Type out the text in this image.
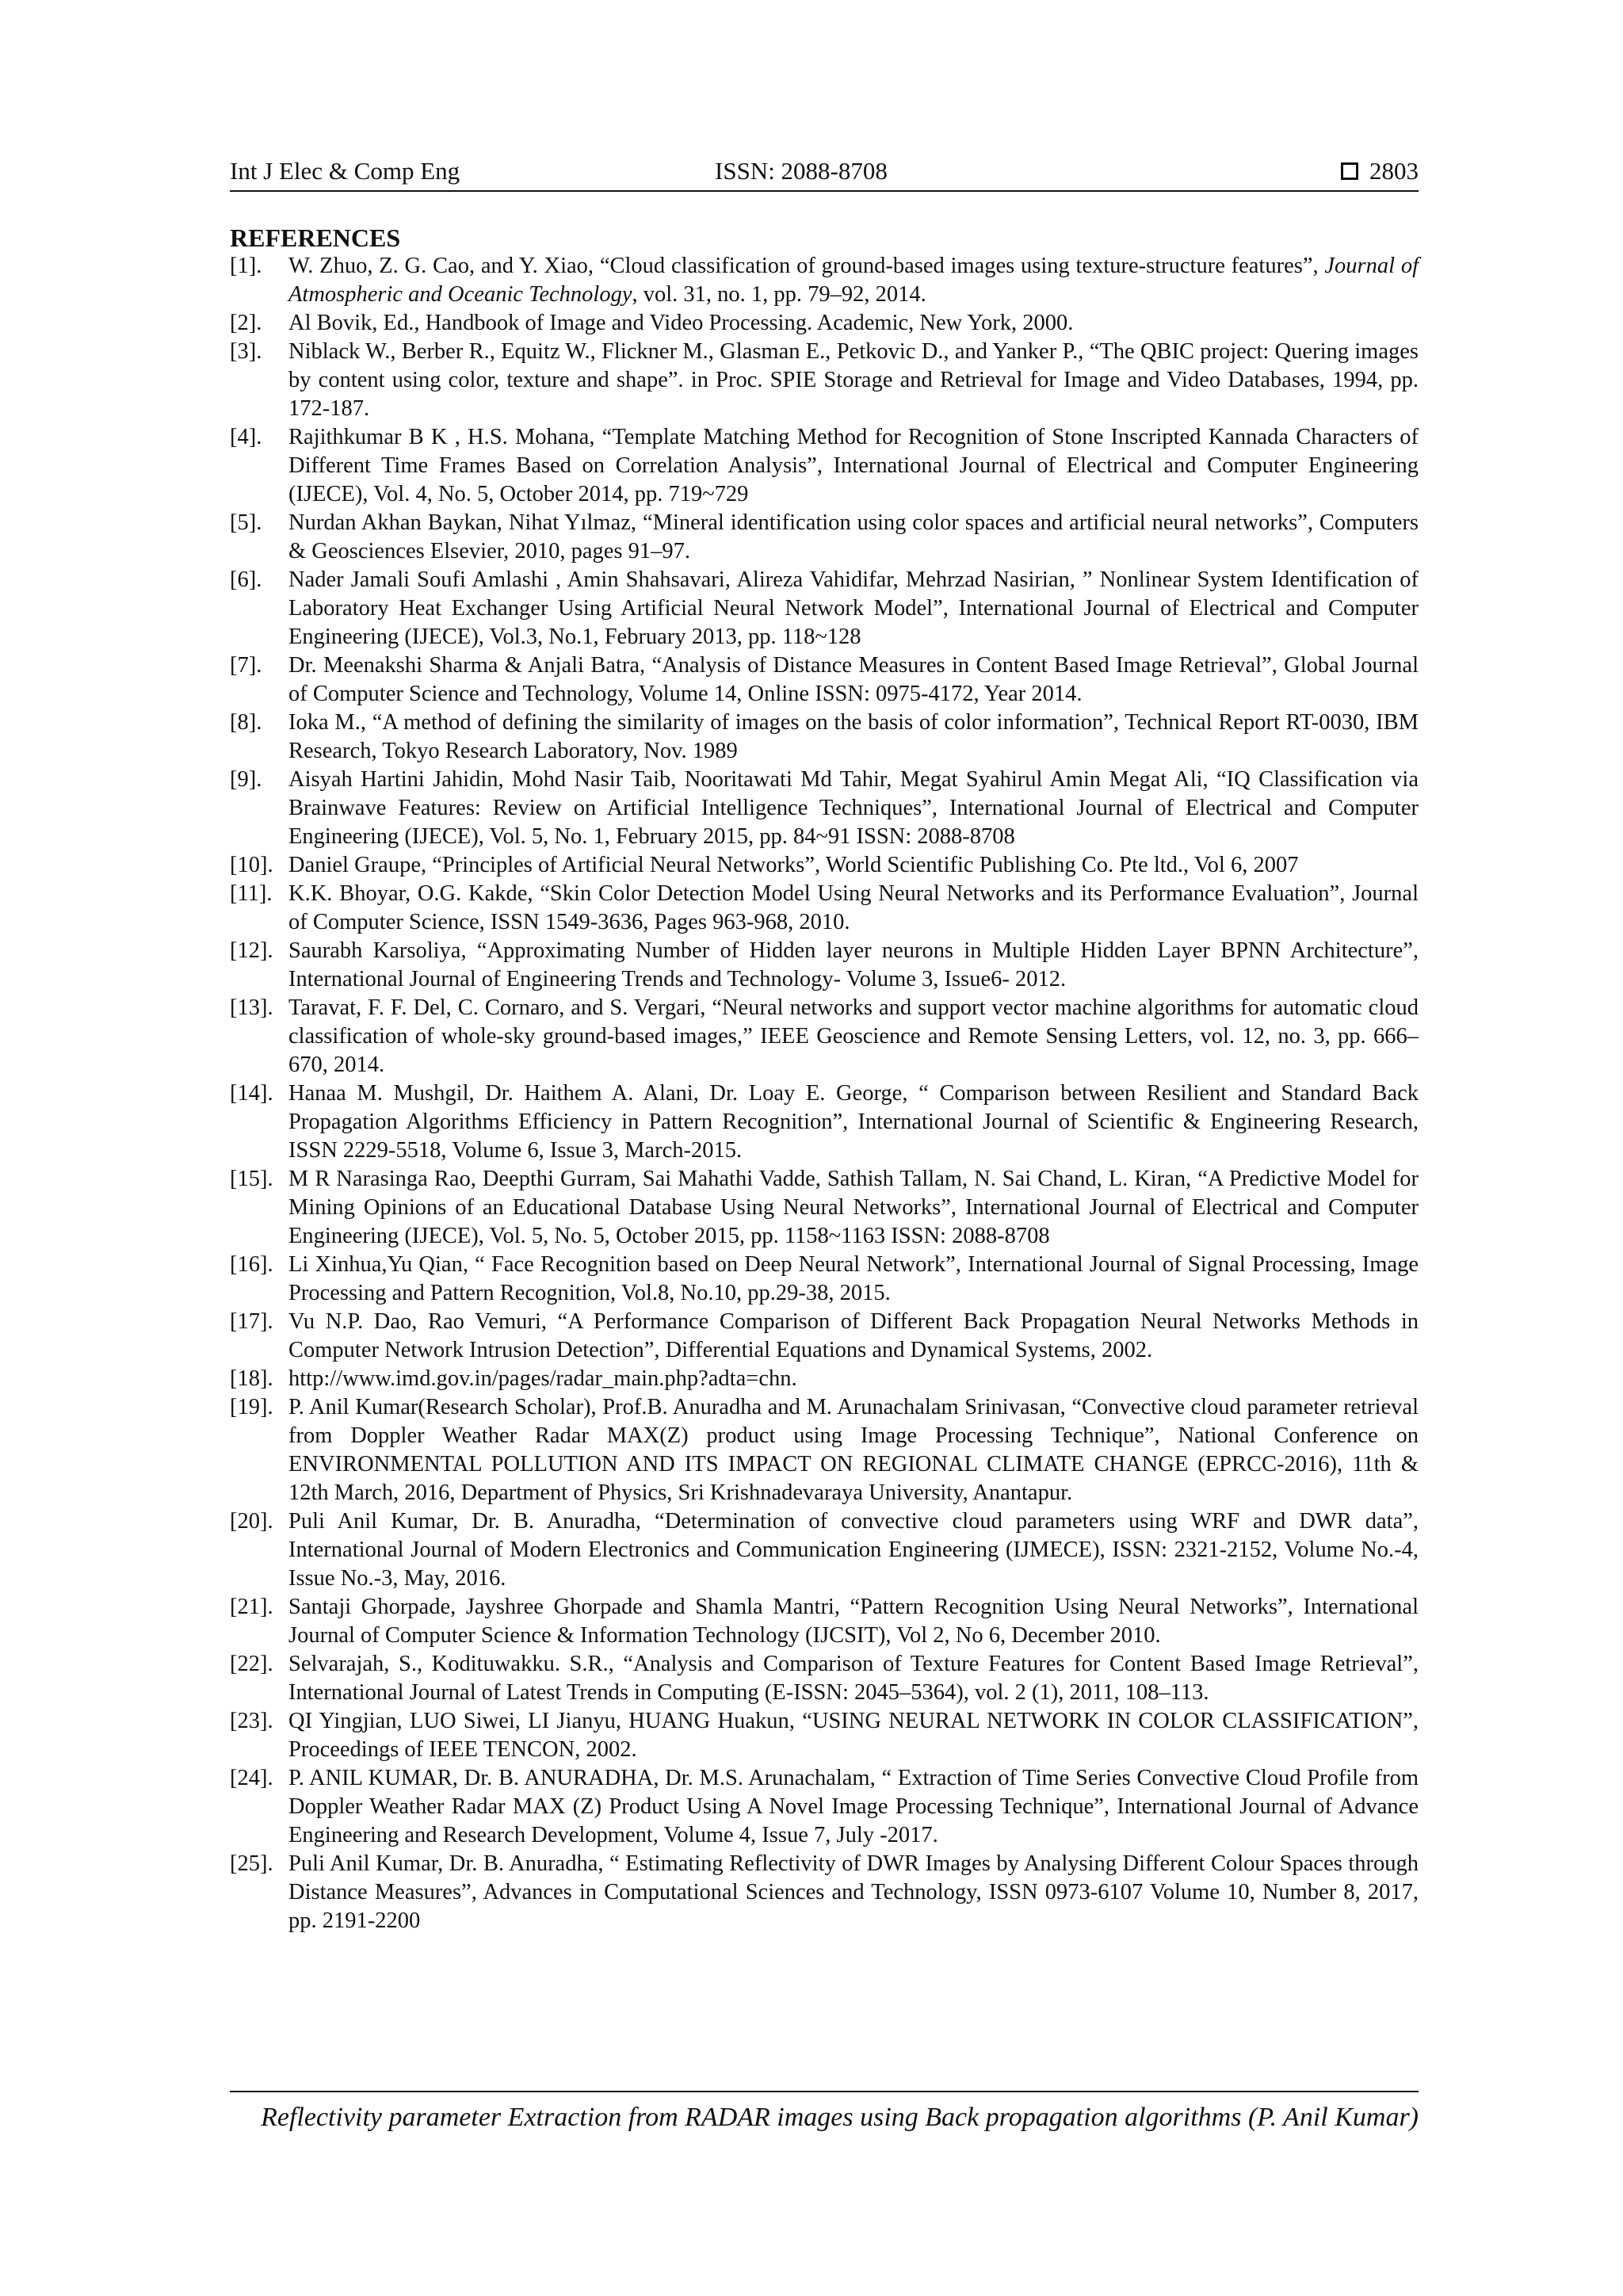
Int J Elec & Comp Eng	ISSN: 2088-8708	2803
REFERENCES
[1].	W. Zhuo, Z. G. Cao, and Y. Xiao, “Cloud classification of ground-based images using texture-structure features”, Journal of Atmospheric and Oceanic Technology, vol. 31, no. 1, pp. 79–92, 2014.
[2].	Al Bovik, Ed., Handbook of Image and Video Processing. Academic, New York, 2000.
[3].	Niblack W., Berber R., Equitz W., Flickner M., Glasman E., Petkovic D., and Yanker P., “The QBIC project: Quering images by content using color, texture and shape”. in Proc. SPIE Storage and Retrieval for Image and Video Databases, 1994, pp. 172-187.
[4].	Rajithkumar B K , H.S. Mohana, “Template Matching Method for Recognition of Stone Inscripted Kannada Characters of Different Time Frames Based on Correlation Analysis”, International Journal of Electrical and Computer Engineering (IJECE), Vol. 4, No. 5, October 2014, pp. 719~729
[5].	Nurdan Akhan Baykan, Nihat Yılmaz, “Mineral identification using color spaces and artificial neural networks”, Computers & Geosciences Elsevier, 2010, pages 91–97.
[6].	Nader Jamali Soufi Amlashi , Amin Shahsavari, Alireza Vahidifar, Mehrzad Nasirian, ” Nonlinear System Identification of Laboratory Heat Exchanger Using Artificial Neural Network Model”, International Journal of Electrical and Computer Engineering (IJECE), Vol.3, No.1, February 2013, pp. 118~128
[7].	Dr. Meenakshi Sharma & Anjali Batra, “Analysis of Distance Measures in Content Based Image Retrieval”, Global Journal of Computer Science and Technology, Volume 14, Online ISSN: 0975-4172, Year 2014.
[8].	Ioka M., “A method of defining the similarity of images on the basis of color information”, Technical Report RT-0030, IBM Research, Tokyo Research Laboratory, Nov. 1989
[9].	Aisyah Hartini Jahidin, Mohd Nasir Taib, Nooritawati Md Tahir, Megat Syahirul Amin Megat Ali, “IQ Classification via Brainwave Features: Review on Artificial Intelligence Techniques”, International Journal of Electrical and Computer Engineering (IJECE), Vol. 5, No. 1, February 2015, pp. 84~91 ISSN: 2088-8708
[10]. Daniel Graupe, “Principles of Artificial Neural Networks”, World Scientific Publishing Co. Pte ltd., Vol 6, 2007
[11]. K.K. Bhoyar, O.G. Kakde, “Skin Color Detection Model Using Neural Networks and its Performance Evaluation”, Journal of Computer Science, ISSN 1549-3636, Pages 963-968, 2010.
[12]. Saurabh Karsoliya, “Approximating Number of Hidden layer neurons in Multiple Hidden Layer BPNN Architecture”, International Journal of Engineering Trends and Technology- Volume 3, Issue6- 2012.
[13]. Taravat, F. F. Del, C. Cornaro, and S. Vergari, “Neural networks and support vector machine algorithms for automatic cloud classification of whole-sky ground-based images,” IEEE Geoscience and Remote Sensing Letters, vol. 12, no. 3, pp. 666– 670, 2014.
[14]. Hanaa M. Mushgil, Dr. Haithem A. Alani, Dr. Loay E. George, “ Comparison between Resilient and Standard Back Propagation Algorithms Efficiency in Pattern Recognition”, International Journal of Scientific & Engineering Research, ISSN 2229-5518, Volume 6, Issue 3, March-2015.
[15]. M R Narasinga Rao, Deepthi Gurram, Sai Mahathi Vadde, Sathish Tallam, N. Sai Chand, L. Kiran, “A Predictive Model for Mining Opinions of an Educational Database Using Neural Networks”, International Journal of Electrical and Computer Engineering (IJECE), Vol. 5, No. 5, October 2015, pp. 1158~1163 ISSN: 2088-8708
[16]. Li Xinhua,Yu Qian, “ Face Recognition based on Deep Neural Network”, International Journal of Signal Processing, Image Processing and Pattern Recognition, Vol.8, No.10, pp.29-38, 2015.
[17]. Vu N.P. Dao, Rao Vemuri, “A Performance Comparison of Different Back Propagation Neural Networks Methods in Computer Network Intrusion Detection”, Differential Equations and Dynamical Systems, 2002.
[18]. http://www.imd.gov.in/pages/radar_main.php?adta=chn.
[19]. P. Anil Kumar(Research Scholar), Prof.B. Anuradha and M. Arunachalam Srinivasan, “Convective cloud parameter retrieval from Doppler Weather Radar MAX(Z) product using Image Processing Technique”, National Conference on ENVIRONMENTAL POLLUTION AND ITS IMPACT ON REGIONAL CLIMATE CHANGE (EPRCC-2016), 11th & 12th March, 2016, Department of Physics, Sri Krishnadevaraya University, Anantapur.
[20]. Puli Anil Kumar, Dr. B. Anuradha, “Determination of convective cloud parameters using WRF and DWR data”, International Journal of Modern Electronics and Communication Engineering (IJMECE), ISSN: 2321-2152, Volume No.-4, Issue No.-3, May, 2016.
[21]. Santaji Ghorpade, Jayshree Ghorpade and Shamla Mantri, “Pattern Recognition Using Neural Networks”, International Journal of Computer Science & Information Technology (IJCSIT), Vol 2, No 6, December 2010.
[22]. Selvarajah, S., Kodituwakku. S.R., “Analysis and Comparison of Texture Features for Content Based Image Retrieval”, International Journal of Latest Trends in Computing (E-ISSN: 2045–5364), vol. 2 (1), 2011, 108–113.
[23]. QI Yingjian, LUO Siwei, LI Jianyu, HUANG Huakun, “USING NEURAL NETWORK IN COLOR CLASSIFICATION”, Proceedings of IEEE TENCON, 2002.
[24]. P. ANIL KUMAR, Dr. B. ANURADHA, Dr. M.S. Arunachalam, “ Extraction of Time Series Convective Cloud Profile from Doppler Weather Radar MAX (Z) Product Using A Novel Image Processing Technique”, International Journal of Advance Engineering and Research Development, Volume 4, Issue 7, July -2017.
[25]. Puli Anil Kumar, Dr. B. Anuradha, “ Estimating Reflectivity of DWR Images by Analysing Different Colour Spaces through Distance Measures”, Advances in Computational Sciences and Technology, ISSN 0973-6107 Volume 10, Number 8, 2017, pp. 2191-2200
Reflectivity parameter Extraction from RADAR images using Back propagation algorithms (P. Anil Kumar)
